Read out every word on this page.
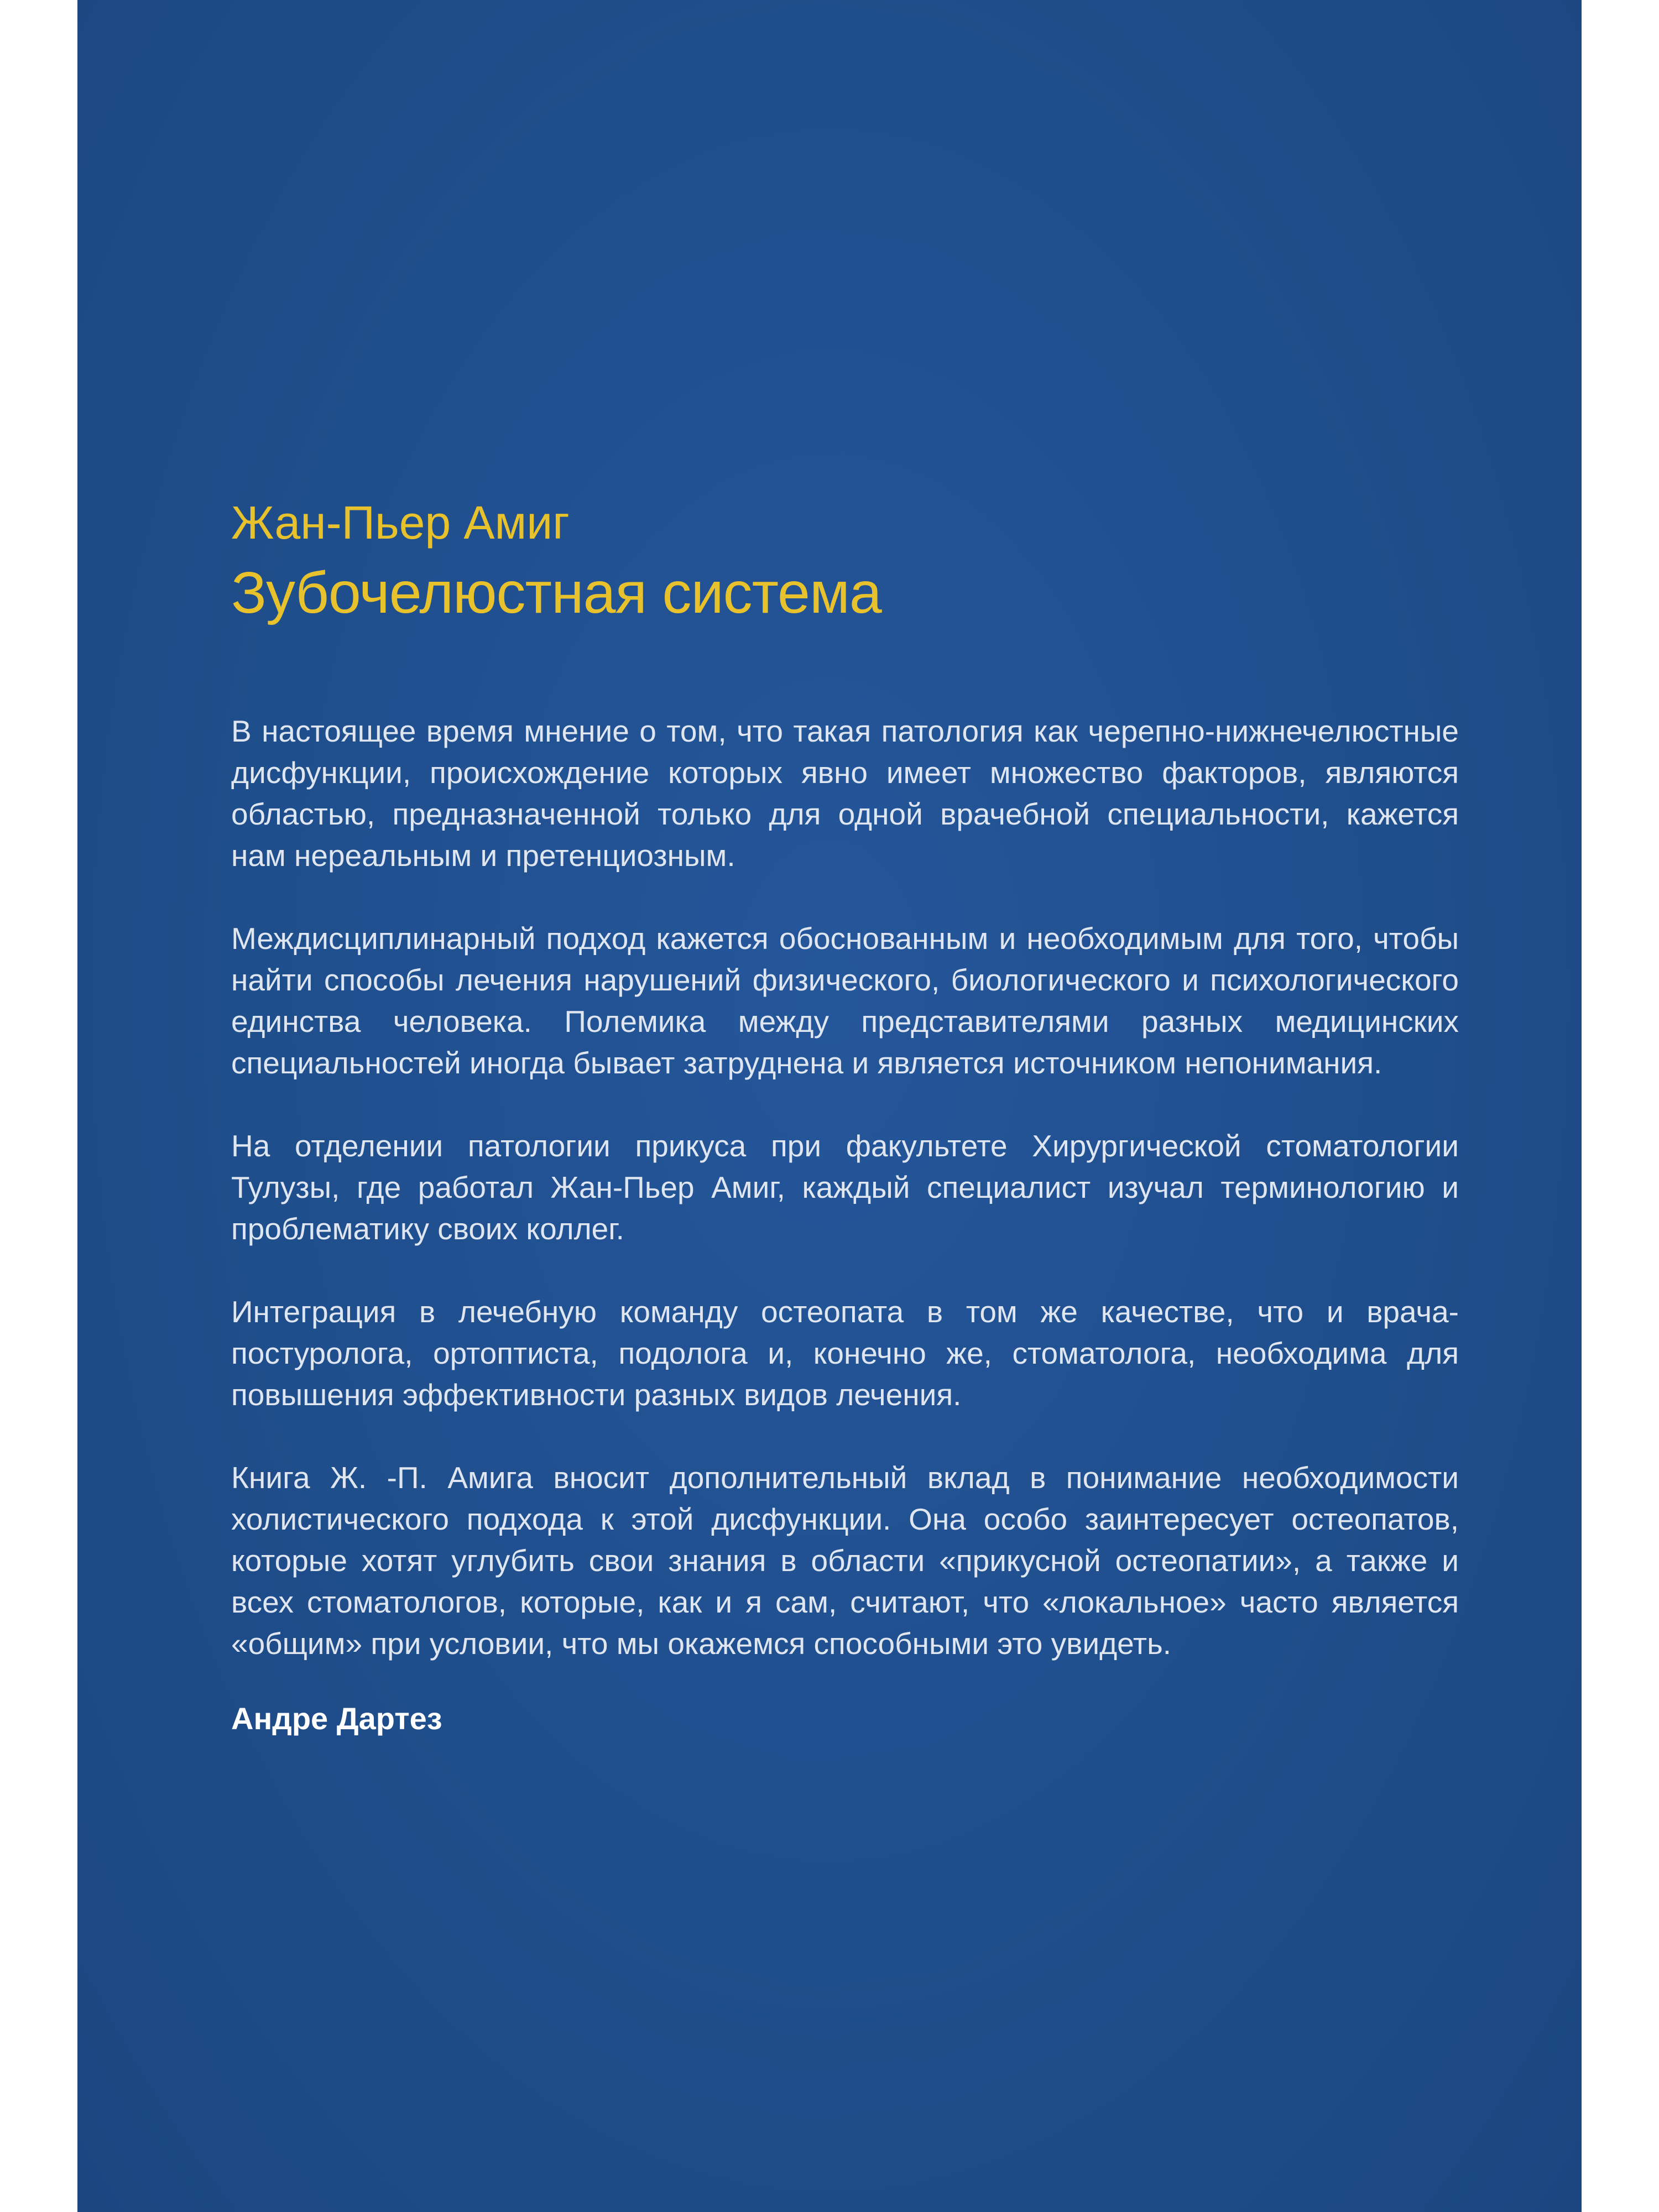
Жан-Пьер Амиг
Зубочелюстная система

В настоящее время мнение о том, что такая патология как черепно-нижнечелюстные дисфункции, происхождение которых явно имеет множество факторов, являются областью, предназначенной только для одной врачебной специальности, кажется нам нереальным и претенциозным.

Междисциплинарный подход кажется обоснованным и необходимым для того, чтобы найти способы лечения нарушений физического, биологического и психологического единства человека. Полемика между представителями разных медицинских специальностей иногда бывает затруднена и является источником непонимания.

На отделении патологии прикуса при факультете Хирургической стоматологии Тулузы, где работал Жан-Пьер Амиг, каждый специалист изучал терминологию и проблематику своих коллег.

Интеграция в лечебную команду остеопата в том же качестве, что и врача-постуролога, ортоптиста, подолога и, конечно же, стоматолога, необходима для повышения эффективности разных видов лечения.

Книга Ж. -П. Амига вносит дополнительный вклад в понимание необходимости холистического подхода к этой дисфункции. Она особо заинтересует остеопатов, которые хотят углубить свои знания в области «прикусной остеопатии», а также и всех стоматологов, которые, как и я сам, считают, что «локальное» часто является «общим» при условии, что мы окажемся способными это увидеть.

Андре Дартез
